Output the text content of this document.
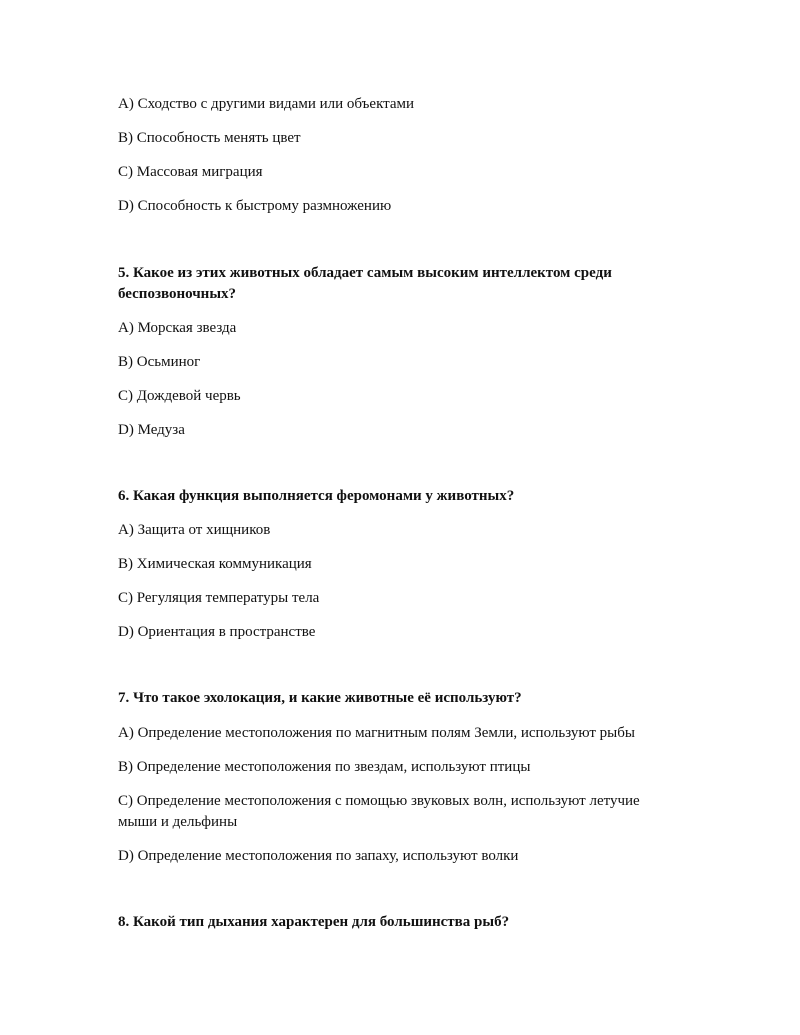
A) Сходство с другими видами или объектами
B) Способность менять цвет
C) Массовая миграция
D) Способность к быстрому размножению
5. Какое из этих животных обладает самым высоким интеллектом среди беспозвоночных?
A) Морская звезда
B) Осьминог
C) Дождевой червь
D) Медуза
6. Какая функция выполняется феромонами у животных?
A) Защита от хищников
B) Химическая коммуникация
C) Регуляция температуры тела
D) Ориентация в пространстве
7. Что такое эхолокация, и какие животные её используют?
A) Определение местоположения по магнитным полям Земли, используют рыбы
B) Определение местоположения по звездам, используют птицы
C) Определение местоположения с помощью звуковых волн, используют летучие мыши и дельфины
D) Определение местоположения по запаху, используют волки
8. Какой тип дыхания характерен для большинства рыб?
